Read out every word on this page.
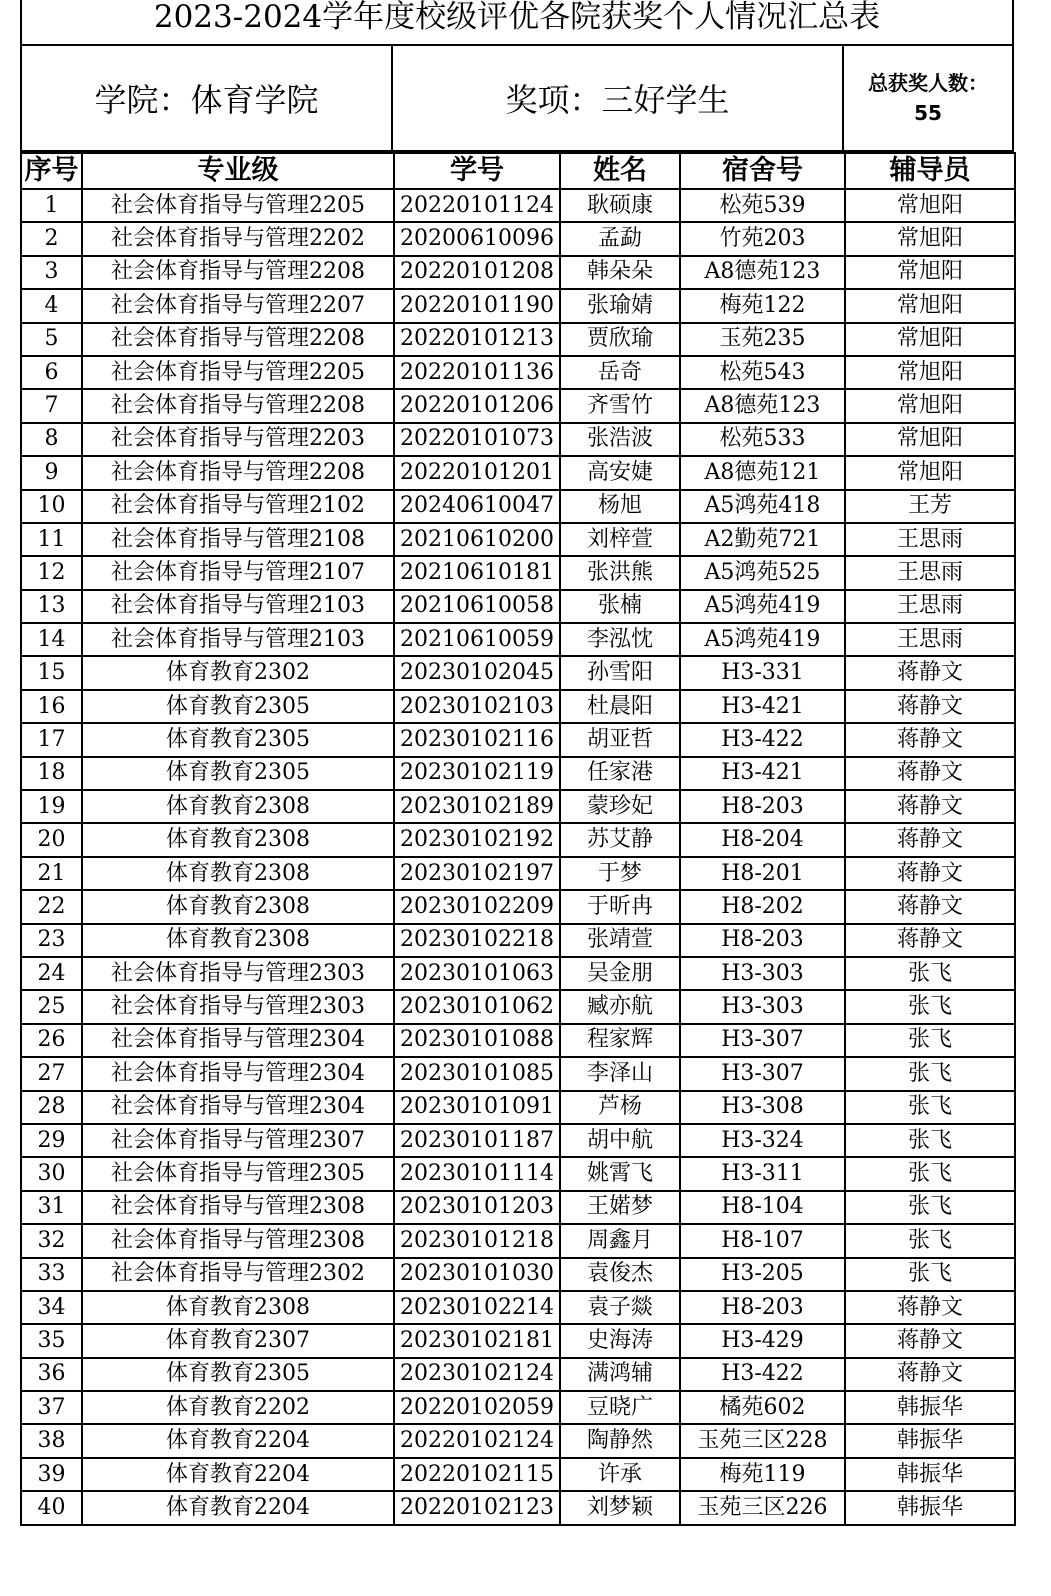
2023-2024学年度校级评优各院获奖个人情况汇总表
学院：体育学院	奖项：三好学生	总获奖人数：
55
序号	专业级	学号	姓名	宿舍号	辅导员
1	社会体育指导与管理2205	20220101124	耿硕康	松苑539	常旭阳
2	社会体育指导与管理2202	20200610096	孟勐	竹苑203	常旭阳
3	社会体育指导与管理2208	20220101208	韩朵朵	A8德苑123	常旭阳
4	社会体育指导与管理2207	20220101190	张瑜婧	梅苑122	常旭阳
5	社会体育指导与管理2208	20220101213	贾欣瑜	玉苑235	常旭阳
6	社会体育指导与管理2205	20220101136	岳奇	松苑543	常旭阳
7	社会体育指导与管理2208	20220101206	齐雪竹	A8德苑123	常旭阳
8	社会体育指导与管理2203	20220101073	张浩波	松苑533	常旭阳
9	社会体育指导与管理2208	20220101201	高安婕	A8德苑121	常旭阳
10	社会体育指导与管理2102	20240610047	杨旭	A5鸿苑418	王芳
11	社会体育指导与管理2108	20210610200	刘梓萱	A2勤苑721	王思雨
12	社会体育指导与管理2107	20210610181	张洪熊	A5鸿苑525	王思雨
13	社会体育指导与管理2103	20210610058	张楠	A5鸿苑419	王思雨
14	社会体育指导与管理2103	20210610059	李泓忱	A5鸿苑419	王思雨
15	体育教育2302	20230102045	孙雪阳	H3-331	蒋静文
16	体育教育2305	20230102103	杜晨阳	H3-421	蒋静文
17	体育教育2305	20230102116	胡亚哲	H3-422	蒋静文
18	体育教育2305	20230102119	任家港	H3-421	蒋静文
19	体育教育2308	20230102189	蒙珍妃	H8-203	蒋静文
20	体育教育2308	20230102192	苏艾静	H8-204	蒋静文
21	体育教育2308	20230102197	于梦	H8-201	蒋静文
22	体育教育2308	20230102209	于昕冉	H8-202	蒋静文
23	体育教育2308	20230102218	张靖萱	H8-203	蒋静文
24	社会体育指导与管理2303	20230101063	吴金朋	H3-303	张飞
25	社会体育指导与管理2303	20230101062	臧亦航	H3-303	张飞
26	社会体育指导与管理2304	20230101088	程家辉	H3-307	张飞
27	社会体育指导与管理2304	20230101085	李泽山	H3-307	张飞
28	社会体育指导与管理2304	20230101091	芦杨	H3-308	张飞
29	社会体育指导与管理2307	20230101187	胡中航	H3-324	张飞
30	社会体育指导与管理2305	20230101114	姚霄飞	H3-311	张飞
31	社会体育指导与管理2308	20230101203	王婼梦	H8-104	张飞
32	社会体育指导与管理2308	20230101218	周鑫月	H8-107	张飞
33	社会体育指导与管理2302	20230101030	袁俊杰	H3-205	张飞
34	体育教育2308	20230102214	袁子燚	H8-203	蒋静文
35	体育教育2307	20230102181	史海涛	H3-429	蒋静文
36	体育教育2305	20230102124	满鸿辅	H3-422	蒋静文
37	体育教育2202	20220102059	豆晓广	橘苑602	韩振华
38	体育教育2204	20220102124	陶静然	玉苑三区228	韩振华
39	体育教育2204	20220102115	许承	梅苑119	韩振华
40	体育教育2204	20220102123	刘梦颖	玉苑三区226	韩振华
